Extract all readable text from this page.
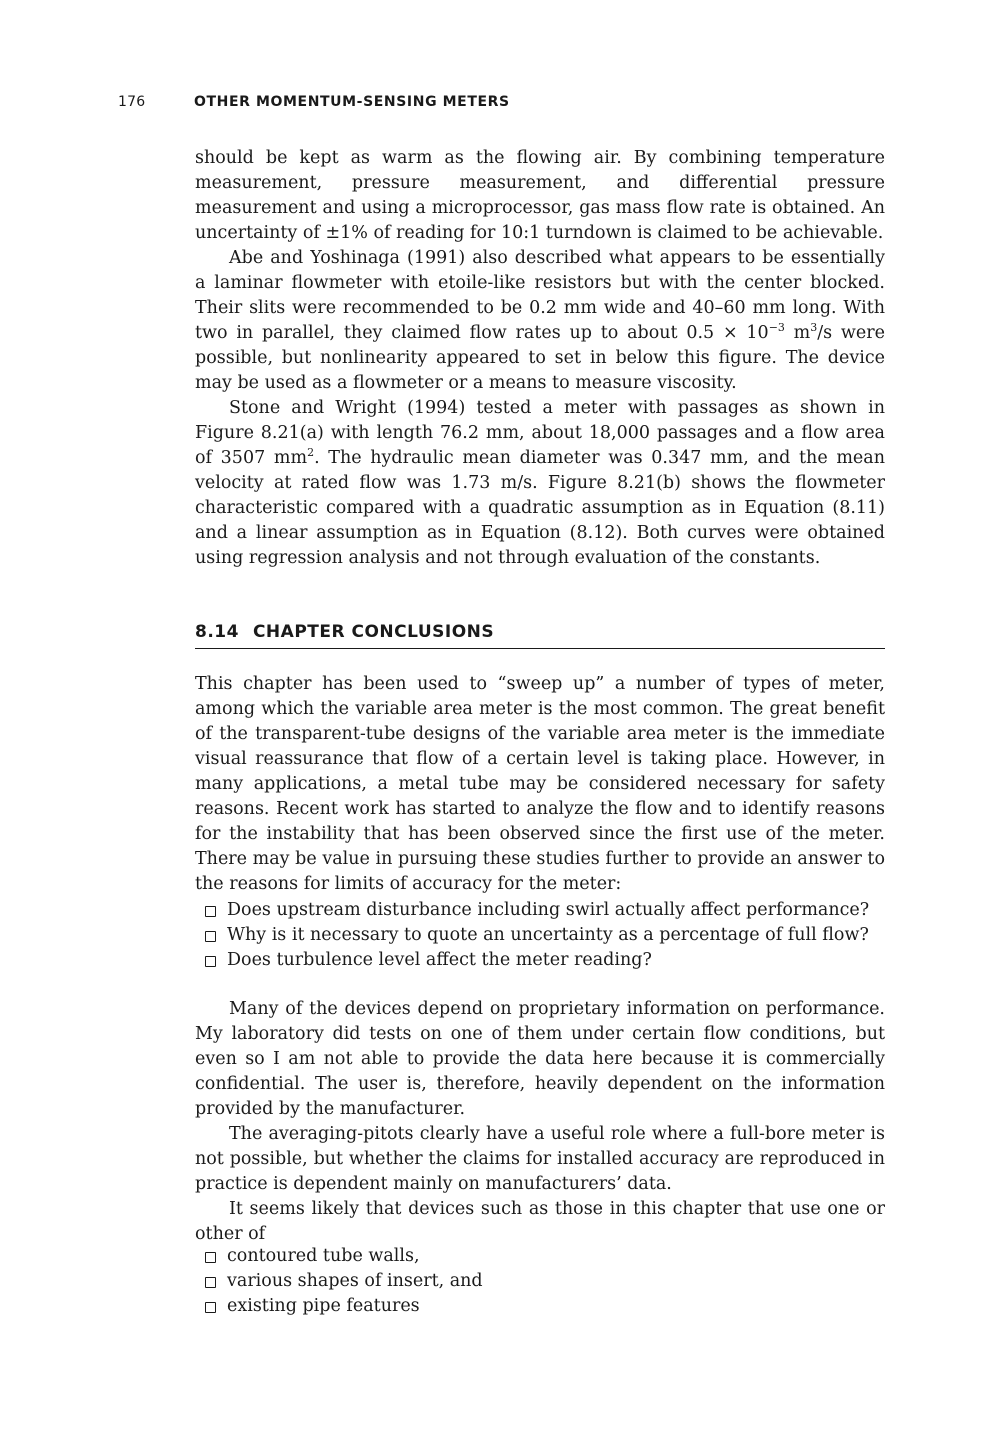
176	OTHER MOMENTUM-SENSING METERS

should be kept as warm as the flowing air. By combining temperature measurement, pressure measurement, and differential pressure measurement and using a microprocessor, gas mass flow rate is obtained. An uncertainty of ±1% of reading for 10:1 turndown is claimed to be achievable.

Abe and Yoshinaga (1991) also described what appears to be essentially a laminar flowmeter with etoile-like resistors but with the center blocked. Their slits were recommended to be 0.2 mm wide and 40–60 mm long. With two in parallel, they claimed flow rates up to about $0.5 \times 10^{-3}$ $m^3/s$ were possible, but nonlinearity appeared to set in below this figure. The device may be used as a flowmeter or a means to measure viscosity.

Stone and Wright (1994) tested a meter with passages as shown in Figure 8.21(a) with length 76.2 mm, about 18,000 passages and a flow area of 3507 $mm^2$. The hydraulic mean diameter was 0.347 mm, and the mean velocity at rated flow was 1.73 m/s. Figure 8.21(b) shows the flowmeter characteristic compared with a quadratic assumption as in Equation (8.11) and a linear assumption as in Equation (8.12). Both curves were obtained using regression analysis and not through evaluation of the constants.

8.14 CHAPTER CONCLUSIONS

This chapter has been used to “sweep up” a number of types of meter, among which the variable area meter is the most common. The great benefit of the transparent-tube designs of the variable area meter is the immediate visual reassurance that flow of a certain level is taking place. However, in many applications, a metal tube may be considered necessary for safety reasons. Recent work has started to analyze the flow and to identify reasons for the instability that has been observed since the first use of the meter. There may be value in pursuing these studies further to provide an answer to the reasons for limits of accuracy for the meter:

Does upstream disturbance including swirl actually affect performance?
Why is it necessary to quote an uncertainty as a percentage of full flow?
Does turbulence level affect the meter reading?

Many of the devices depend on proprietary information on performance. My laboratory did tests on one of them under certain flow conditions, but even so I am not able to provide the data here because it is commercially confidential. The user is, therefore, heavily dependent on the information provided by the manufacturer.

The averaging-pitots clearly have a useful role where a full-bore meter is not possible, but whether the claims for installed accuracy are reproduced in practice is dependent mainly on manufacturers’ data.

It seems likely that devices such as those in this chapter that use one or other of

contoured tube walls,
various shapes of insert, and
existing pipe features
